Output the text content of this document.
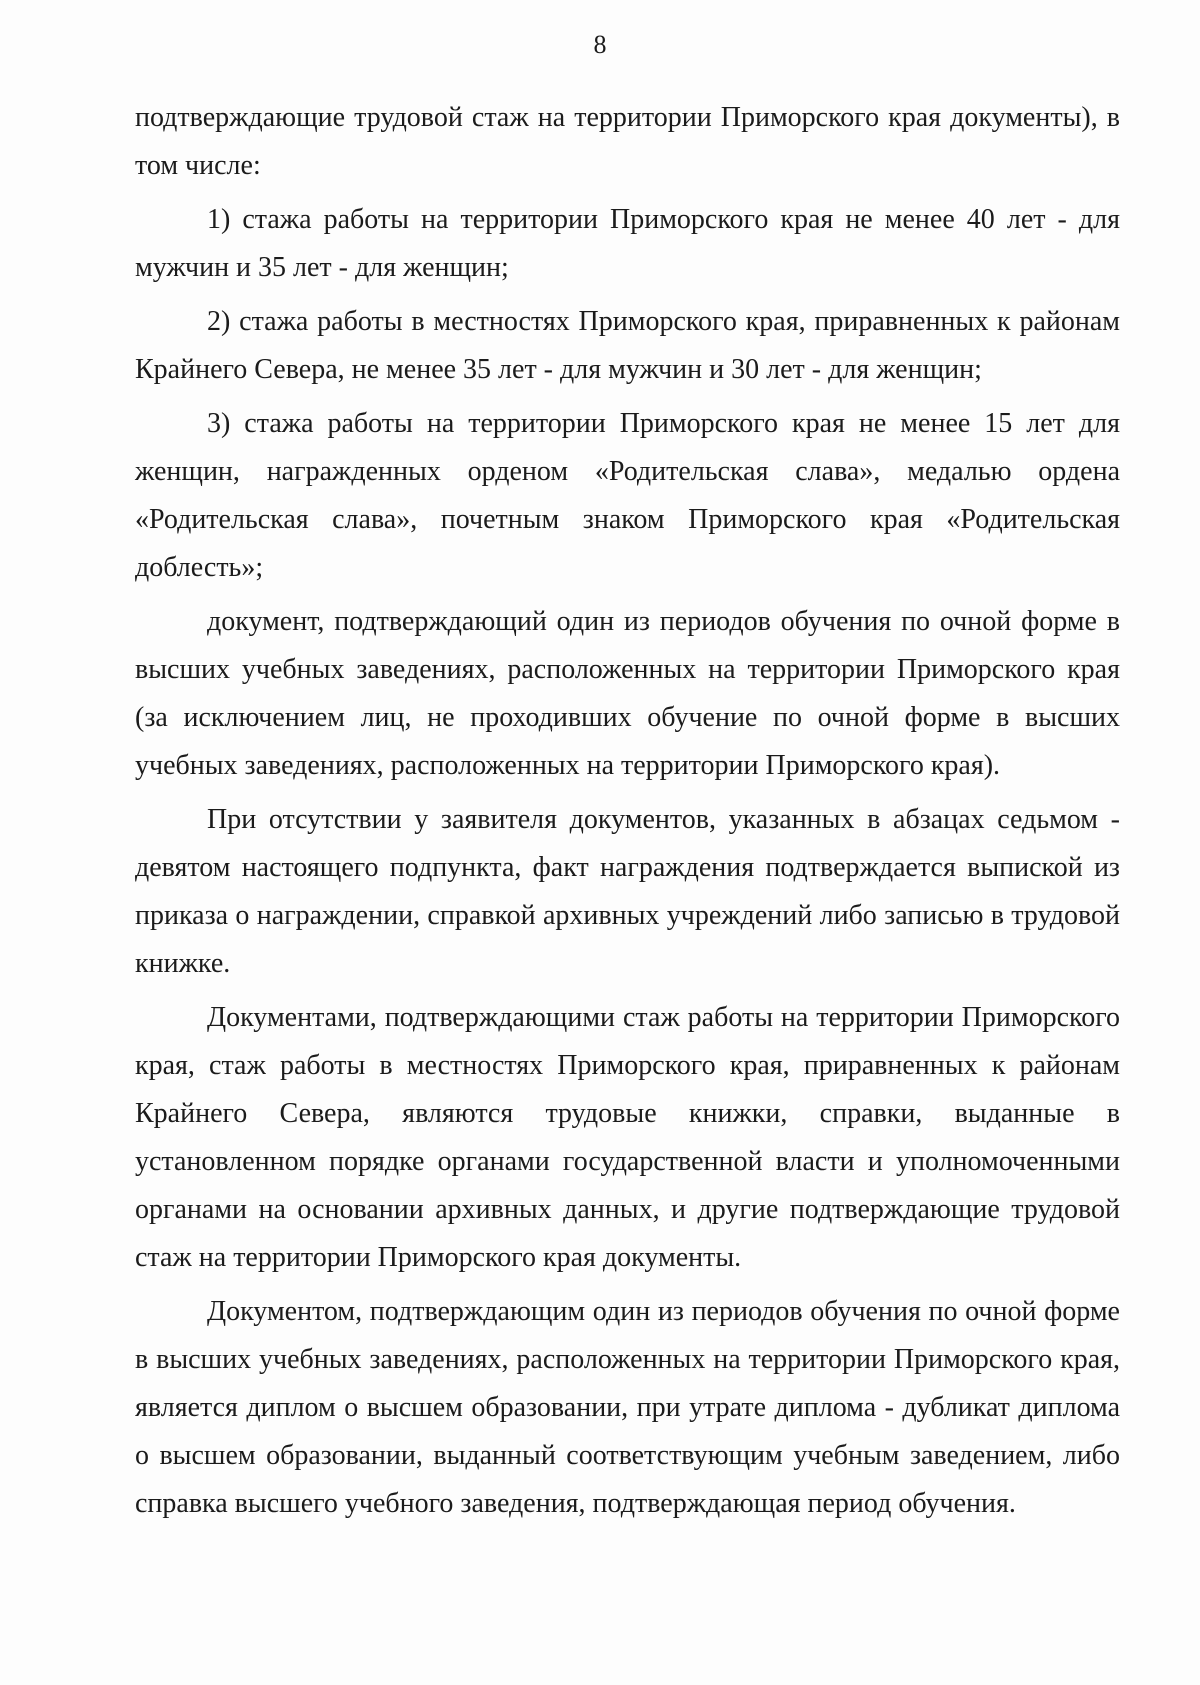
8

подтверждающие трудовой стаж на территории Приморского края документы), в том числе:

1) стажа работы на территории Приморского края не менее 40 лет - для мужчин и 35 лет - для женщин;

2) стажа работы в местностях Приморского края, приравненных к районам Крайнего Севера, не менее 35 лет - для мужчин и 30 лет - для женщин;

3) стажа работы на территории Приморского края не менее 15 лет для женщин, награжденных орденом «Родительская слава», медалью ордена «Родительская слава», почетным знаком Приморского края «Родительская доблесть»;

документ, подтверждающий один из периодов обучения по очной форме в высших учебных заведениях, расположенных на территории Приморского края (за исключением лиц, не проходивших обучение по очной форме в высших учебных заведениях, расположенных на территории Приморского края).

При отсутствии у заявителя документов, указанных в абзацах седьмом - девятом настоящего подпункта, факт награждения подтверждается выпиской из приказа о награждении, справкой архивных учреждений либо записью в трудовой книжке.

Документами, подтверждающими стаж работы на территории Приморского края, стаж работы в местностях Приморского края, приравненных к районам Крайнего Севера, являются трудовые книжки, справки, выданные в установленном порядке органами государственной власти и уполномоченными органами на основании архивных данных, и другие подтверждающие трудовой стаж на территории Приморского края документы.

Документом, подтверждающим один из периодов обучения по очной форме в высших учебных заведениях, расположенных на территории Приморского края, является диплом о высшем образовании, при утрате диплома - дубликат диплома о высшем образовании, выданный соответствующим учебным заведением, либо справка высшего учебного заведения, подтверждающая период обучения.
